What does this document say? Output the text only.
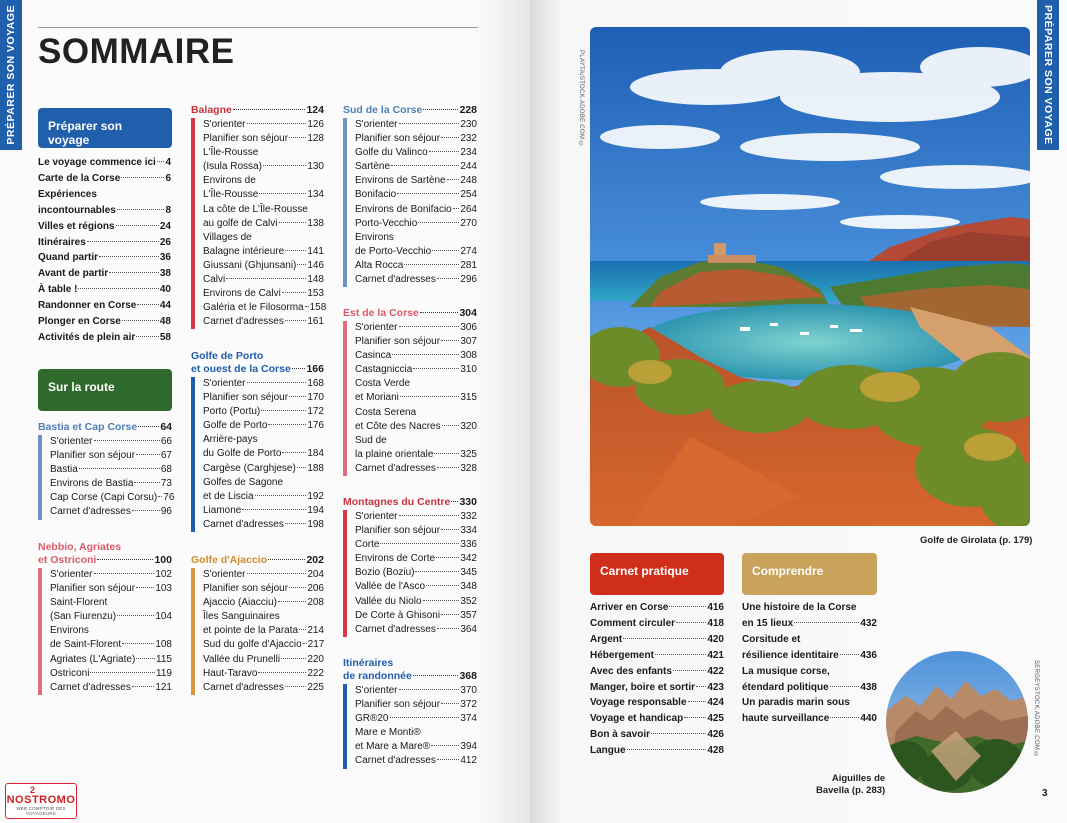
PRÉPARER SON VOYAGE SOMMAIRE
Préparer son voyage
Le voyage commence ici 4
Carte de la Corse	6
Expériences
incontournables	8
Villes et régions	24
Itinéraires	26
Quand partir	36
Avant de partir	38
À table !	40
Randonner en Corse 44
Plonger en Corse	48
Activités de plein air 58
Sur la route
Bastia et Cap Corse 64
S'orienter	66
Planifier son séjour	67
Bastia	68
Environs de Bastia	73
Cap Corse (Capi Corsu) 76
Carnet d'adresses	96
Nebbio, Agriates
et Ostriconi	100
S'orienter	102
Planifier son séjour 103
Saint-Florent
(San Fiurenzu)	104
Environs
de Saint-Florent	108
Agriates (L'Agriate) 115
Ostriconi	119
Carnet d'adresses 121
Balagne	124
S'orienter	126
Planifier son séjour 128
L'Île-Rousse
(Isula Rossa)	130
Environs de
L'Île-Rousse	134
La côte de L'Île-Rousse
au golfe de Calvi	138
Villages de
Balagne intérieure 141
Giussani (Ghjunsani) 146
Calvi	148
Environs de Calvi	153
Galéria et le Filosorma 158
Carnet d'adresses 161
Golfe de Porto
et ouest de la Corse 166
S'orienter	168
Planifier son séjour 170
Porto (Portu)	172
Golfe de Porto	176
Arrière-pays
du Golfe de Porto	184
Cargèse (Carghjese) 188
Golfes de Sagone
et de Liscia	192
Liamone	194
Carnet d'adresses 198
Golfe d'Ajaccio	202
S'orienter	204
Planifier son séjour 206
Ajaccio (Aiacciu)	208
Îles Sanguinaires
et pointe de la Parata 214
Sud du golfe d'Ajaccio 217
Vallée du Prunelli	220
Haut-Taravo	222
Carnet d'adresses 225
Sud de la Corse	228
S'orienter	230
Planifier son séjour 232
Golfe du Valinco	234
Sartène	244
Environs de Sartène 248
Bonifacio	254
Environs de Bonifacio 264
Porto-Vecchio	270
Environs
de Porto-Vecchio	274
Alta Rocca	281
Carnet d'adresses 296
Est de la Corse	304
S'orienter	306
Planifier son séjour 307
Casinca	308
Castagniccia	310
Costa Verde
et Moriani	315
Costa Serena
et Côte des Nacres 320
Sud de
la plaine orientale	325
Carnet d'adresses 328
Montagnes du Centre 330
S'orienter	332
Planifier son séjour 334
Corte	336
Environs de Corte	342
Bozio (Boziu)	345
Vallée de l'Asco	348
Vallée du Niolo	352
De Corte à Ghisoni 357
Carnet d'adresses 364
Itinéraires
de randonnée	368
S'orienter	370
Planifier son séjour 372
GR®20	374
Mare e Monti®
et Mare a Mare®	394
Carnet d'adresses 412
2
NOSTROMO
WEB COMPTOIR DES VOYAGEURS
PRÉPARER SON VOYAGE
PLAYTA/STOCK.ADOBE.COM ©
Golfe de Girolata (p. 179)
Carnet pratique
Arriver en Corse	416
Comment circuler	418
Argent	420
Hébergement	421
Avec des enfants	422
Manger, boire et sortir 423
Voyage responsable 424
Voyage et handicap 425
Bon à savoir	426
Langue	428
Comprendre
Une histoire de la Corse
en 15 lieux	432
Corsitude et
résilience identitaire 436
La musique corse,
étendard politique	438
Un paradis marin sous
haute surveillance	440	SERGEYSTOCK.ADOBE.COM ©
Aiguilles de
Bavella (p. 283)	3
